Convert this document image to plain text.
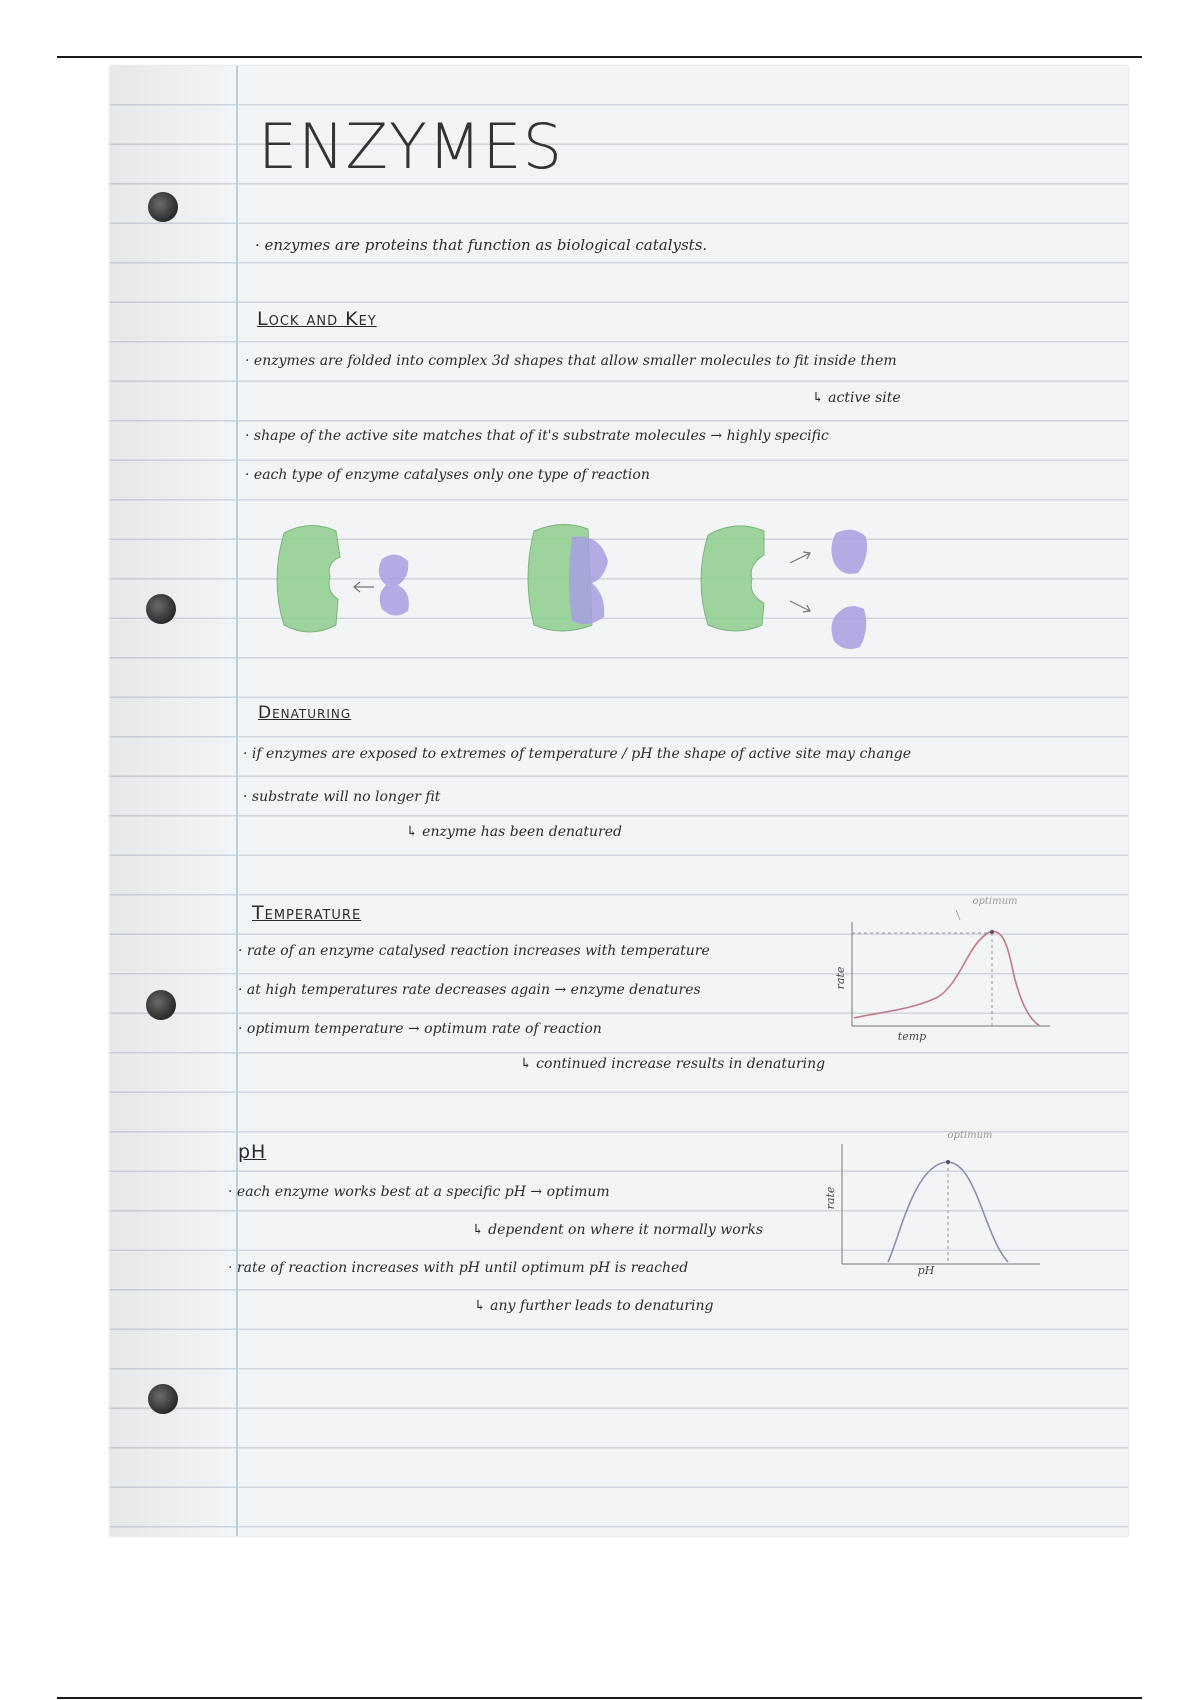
ENZYMES
· enzymes are proteins that function as biological catalysts.
Lock and Key
· enzymes are folded into complex 3d shapes that allow smaller molecules to fit inside them
↳ active site
· shape of the active site matches that of it's substrate molecules → highly specific
· each type of enzyme catalyses only one type of reaction
Denaturing
· if enzymes are exposed to extremes of temperature / pH the shape of active site may change
· substrate will no longer fit
↳ enzyme has been denatured
Temperature
· rate of an enzyme catalysed reaction increases with temperature
· at high temperatures rate decreases again → enzyme denatures
· optimum temperature → optimum rate of reaction
↳ continued increase results in denaturing
optimum
rate
temp
pH
· each enzyme works best at a specific pH → optimum
↳ dependent on where it normally works
· rate of reaction increases with pH until optimum pH is reached
↳ any further leads to denaturing
optimum
rate
pH
